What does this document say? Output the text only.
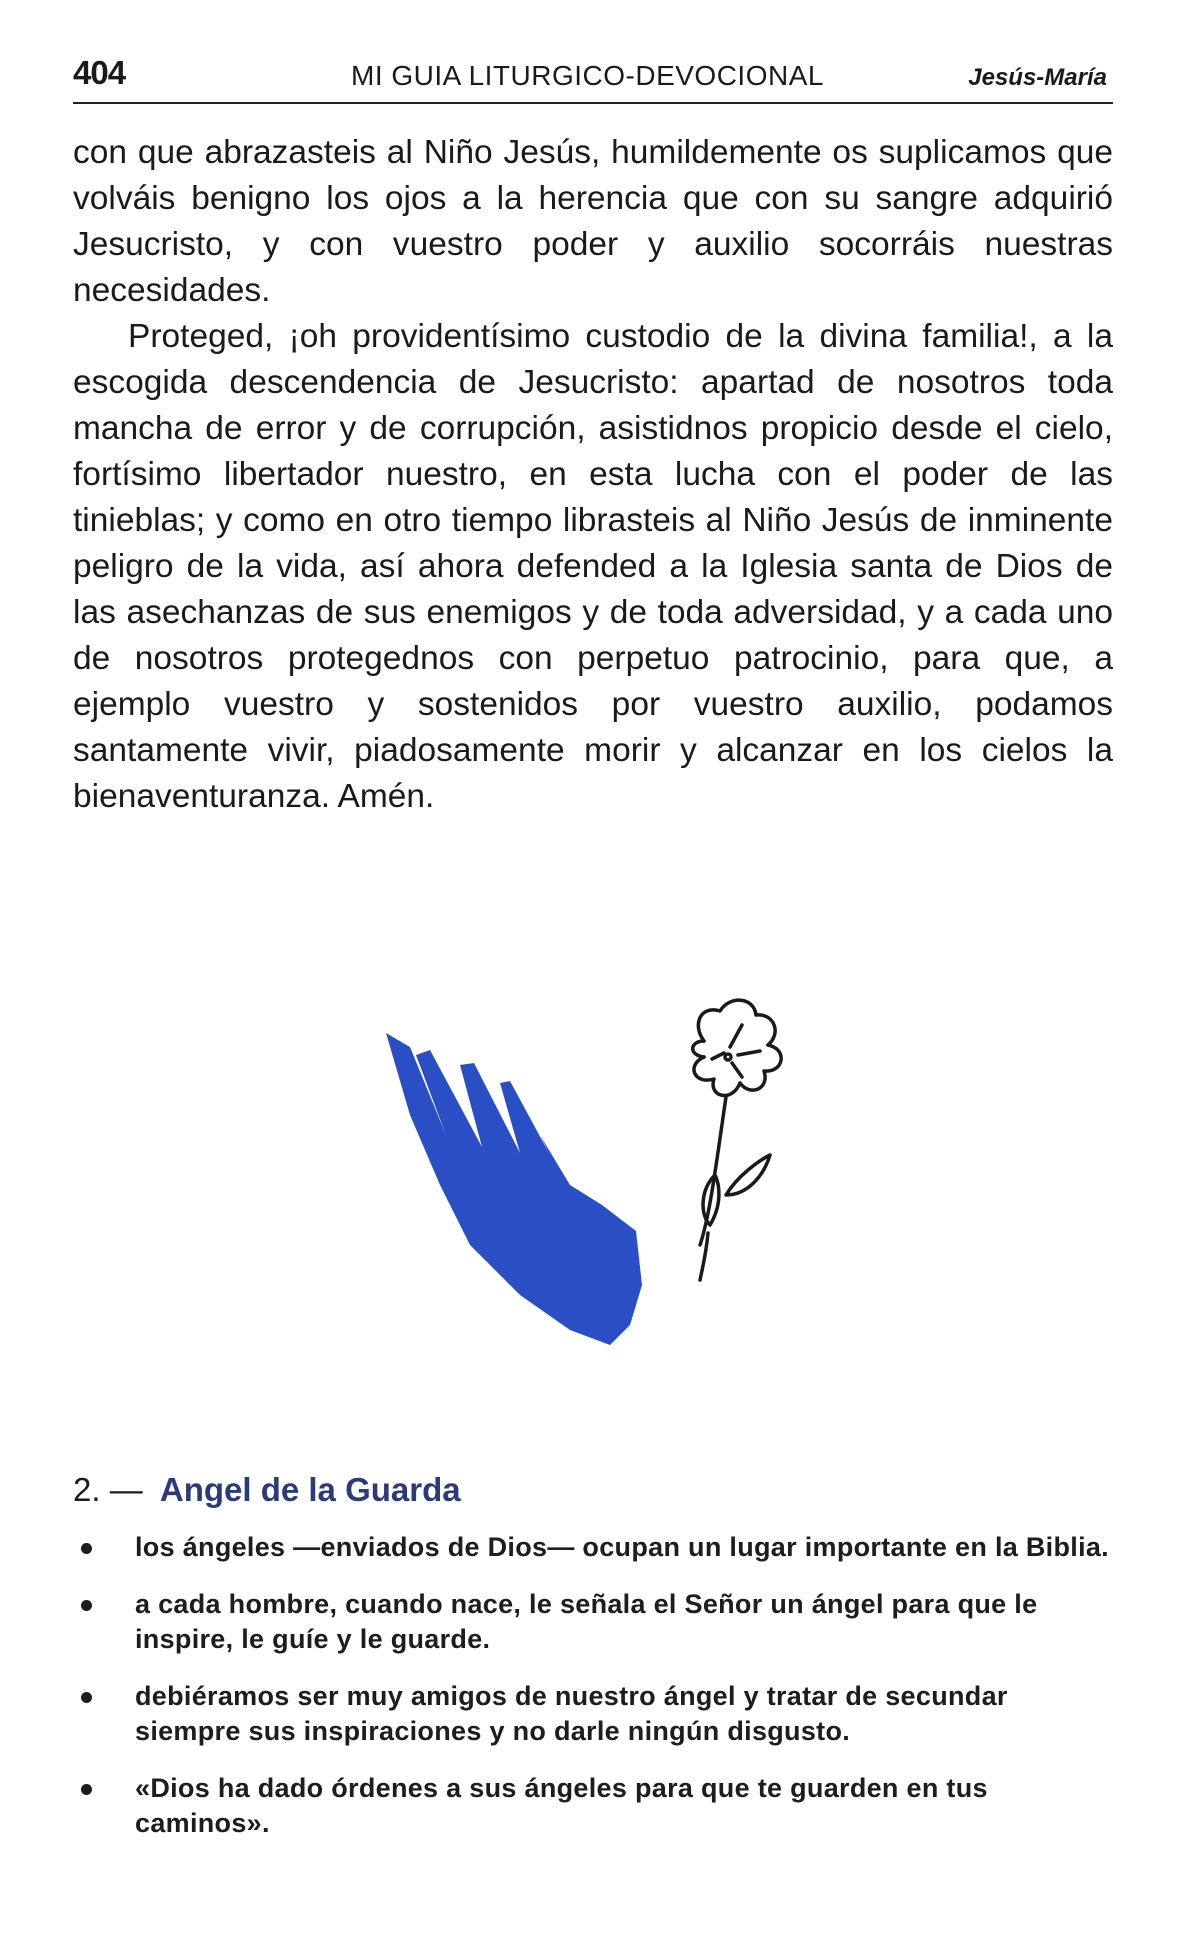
404	MI GUIA LITURGICO-DEVOCIONAL	Jesús-María

con que abrazasteis al Niño Jesús, humildemente os suplicamos que volváis benigno los ojos a la herencia que con su sangre adquirió Jesucristo, y con vuestro poder y auxilio socorráis nuestras necesidades.

Proteged, ¡oh providentísimo custodio de la divina familia!, a la escogida descendencia de Jesucristo: apartad de nosotros toda mancha de error y de corrupción, asistidnos propicio desde el cielo, fortísimo libertador nuestro, en esta lucha con el poder de las tinieblas; y como en otro tiempo librasteis al Niño Jesús de inminente peligro de la vida, así ahora defended a la Iglesia santa de Dios de las asechanzas de sus enemigos y de toda adversidad, y a cada uno de nosotros protegednos con perpetuo patrocinio, para que, a ejemplo vuestro y sostenidos por vuestro auxilio, podamos santamente vivir, piadosamente morir y alcanzar en los cielos la bienaventuranza. Amén.

2. — Angel de la Guarda
los ángeles —enviados de Dios— ocupan un lugar importante en la Biblia.
a cada hombre, cuando nace, le señala el Señor un ángel para que le inspire, le guíe y le guarde.
debiéramos ser muy amigos de nuestro ángel y tratar de secundar siempre sus inspiraciones y no darle ningún disgusto.
«Dios ha dado órdenes a sus ángeles para que te guarden en tus caminos».
